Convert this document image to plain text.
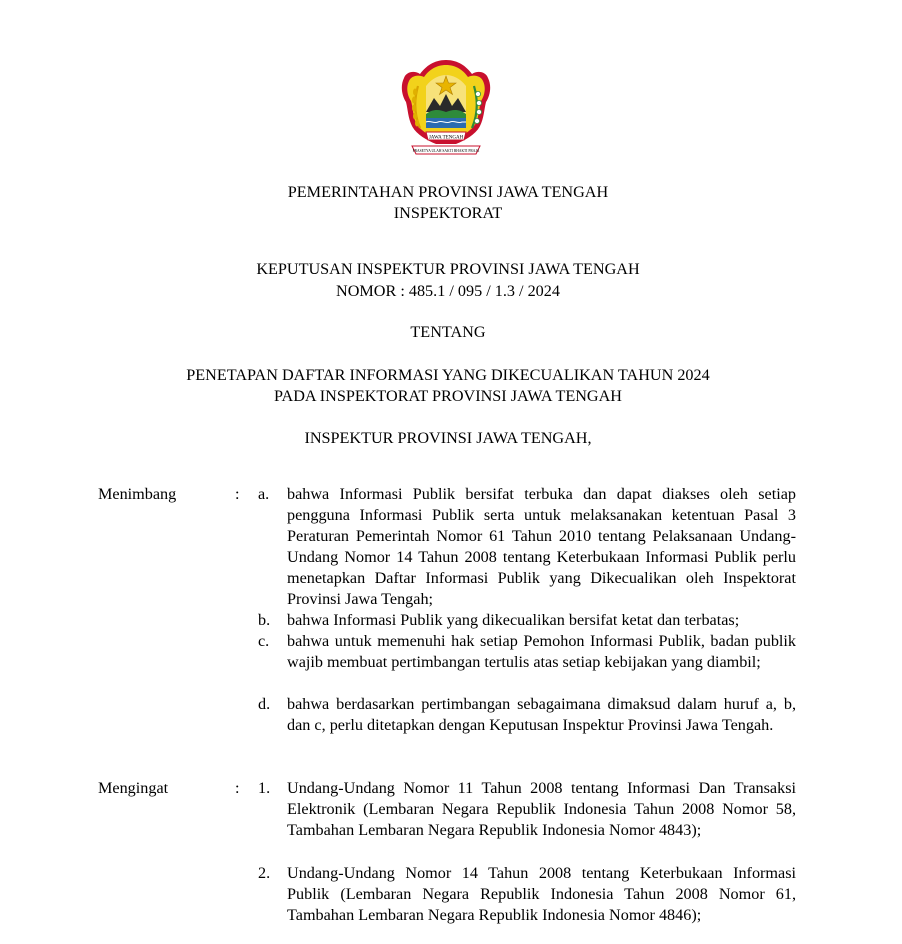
JAWA TENGAH
PRASETYA ULAH SAKTI BHAKTI PRAJA
PEMERINTAHAN PROVINSI JAWA TENGAH
INSPEKTORAT
KEPUTUSAN INSPEKTUR PROVINSI JAWA TENGAH
NOMOR : 485.1 / 095 / 1.3 / 2024
TENTANG
PENETAPAN DAFTAR INFORMASI YANG DIKECUALIKAN TAHUN 2024
PADA INSPEKTORAT PROVINSI JAWA TENGAH
INSPEKTUR PROVINSI JAWA TENGAH,
Menimbang	: a. bahwa Informasi Publik bersifat terbuka dan dapat diakses oleh setiap pengguna Informasi Publik serta untuk melaksanakan ketentuan Pasal 3 Peraturan Pemerintah Nomor 61 Tahun 2010 tentang Pelaksanaan Undang-Undang Nomor 14 Tahun 2008 tentang Keterbukaan Informasi Publik perlu menetapkan Daftar Informasi Publik yang Dikecualikan oleh Inspektorat Provinsi Jawa Tengah;
b. bahwa Informasi Publik yang dikecualikan bersifat ketat dan terbatas;
c. bahwa untuk memenuhi hak setiap Pemohon Informasi Publik, badan publik wajib membuat pertimbangan tertulis atas setiap kebijakan yang diambil;
d. bahwa berdasarkan pertimbangan sebagaimana dimaksud dalam huruf a, b, dan c, perlu ditetapkan dengan Keputusan Inspektur Provinsi Jawa Tengah.
Mengingat	: 1. Undang-Undang Nomor 11 Tahun 2008 tentang Informasi Dan Transaksi Elektronik (Lembaran Negara Republik Indonesia Tahun 2008 Nomor 58, Tambahan Lembaran Negara Republik Indonesia Nomor 4843);
2. Undang-Undang Nomor 14 Tahun 2008 tentang Keterbukaan Informasi Publik (Lembaran Negara Republik Indonesia Tahun 2008 Nomor 61, Tambahan Lembaran Negara Republik Indonesia Nomor 4846);
